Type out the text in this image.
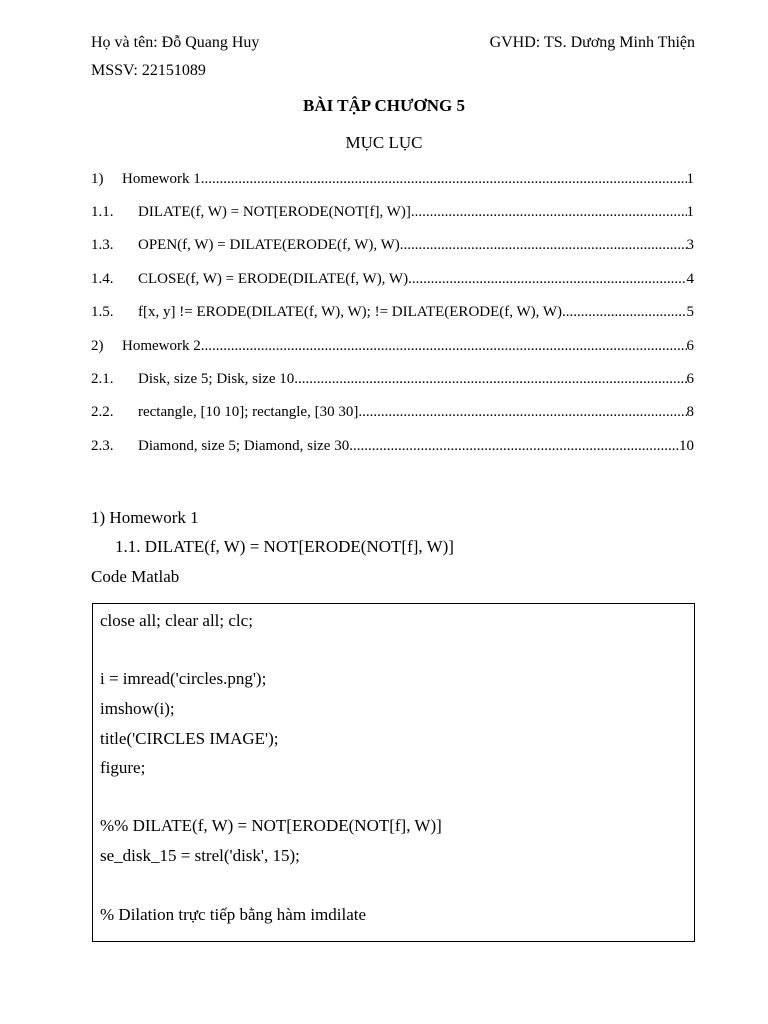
Họ và tên: Đỗ Quang Huy	GVHD: TS. Dương Minh Thiện
MSSV: 22151089
BÀI TẬP CHƯƠNG 5
MỤC LỤC
1)	Homework 1 .....	1
1.1.	DILATE(f, W) = NOT[ERODE(NOT[f], W)] .....	1
1.3.	OPEN(f, W) = DILATE(ERODE(f, W), W) .....	3
1.4.	CLOSE(f, W) = ERODE(DILATE(f, W), W) .....	4
1.5.	f[x, y] != ERODE(DILATE(f, W), W); != DILATE(ERODE(f, W), W) .....	5
2)	Homework 2 .....	6
2.1.	Disk, size 5; Disk, size 10 .....	6
2.2.	rectangle, [10 10]; rectangle, [30 30] .....	8
2.3.	Diamond, size 5; Diamond, size 30 .....	10
1) Homework 1
1.1. DILATE(f, W) = NOT[ERODE(NOT[f], W)]
Code Matlab
close all; clear all; clc;
i = imread('circles.png');
imshow(i);
title('CIRCLES IMAGE');
figure;
%% DILATE(f, W) = NOT[ERODE(NOT[f], W)]
se_disk_15 = strel('disk', 15);
% Dilation trực tiếp bằng hàm imdilate
